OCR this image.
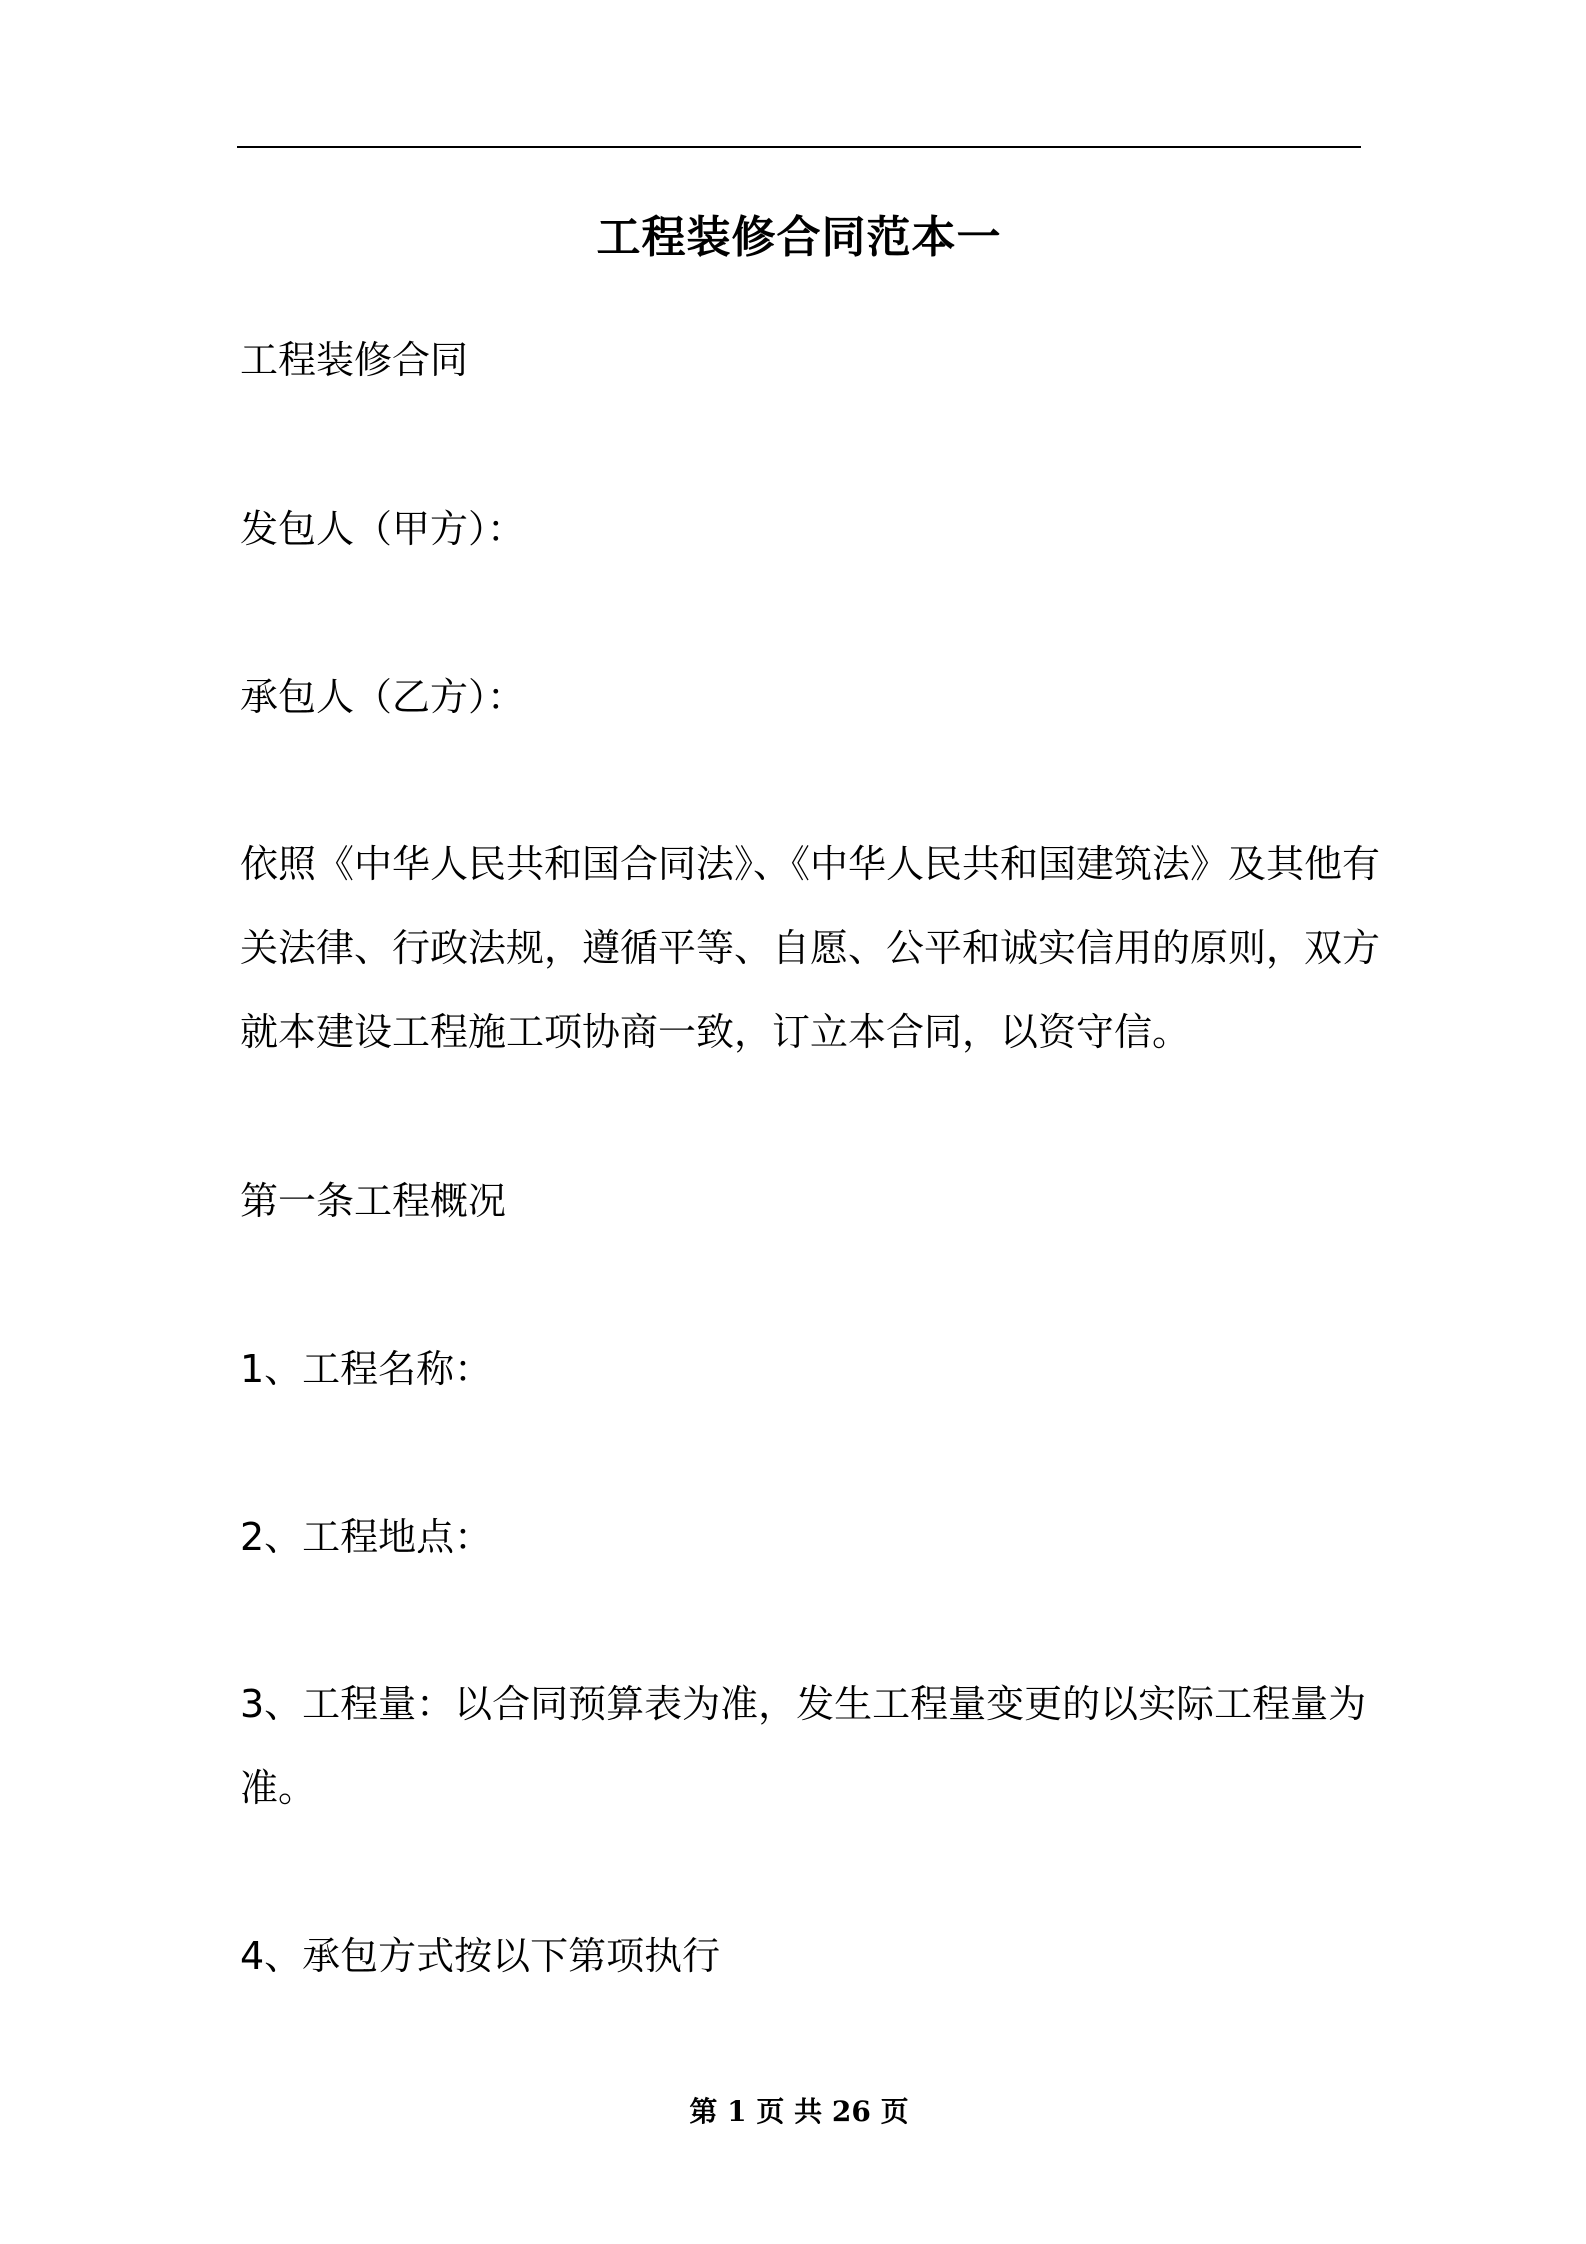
工程装修合同范本一
工程装修合同
发包人（甲方）：
承包人（乙方）：
依照《中华人民共和国合同法》、《中华人民共和国建筑法》及其他有
关法律、行政法规，遵循平等、自愿、公平和诚实信用的原则，双方
就本建设工程施工项协商一致，订立本合同，以资守信。
第一条工程概况
1、工程名称：
2、工程地点：
3、工程量：以合同预算表为准，发生工程量变更的以实际工程量为
准。
4、承包方式按以下第项执行
第 1 页 共 26 页
